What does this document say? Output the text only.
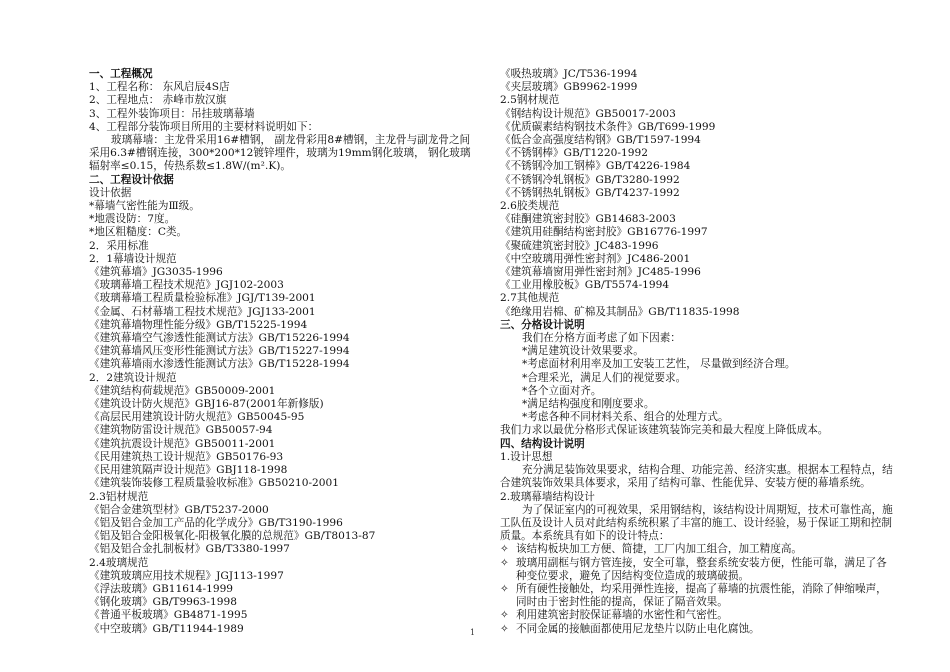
一、工程概况
1、工程名称： 东风启辰4S店
2、工程地点： 赤峰市敖汉旗
3、工程外装饰项目：吊挂玻璃幕墙
4、工程部分装饰项目所用的主要材料说明如下：
玻璃幕墙：主龙骨采用16#槽钢， 副龙骨彩用8#槽钢，主龙骨与副龙骨之间采用6.3#槽钢连接，300*200*12镀锌埋件，玻璃为19mm钢化玻璃， 钢化玻璃辐射率≤0.15，传热系数≤1.8W/(m²․K)。
二、工程设计依据
设计依据
*幕墙气密性能为Ⅲ级。
*地震设防：7度。
*地区粗糙度：C类。
2．采用标准
2．1幕墙设计规范
《建筑幕墙》JG3035-1996
《玻璃幕墙工程技术规范》JGJ102-2003
《玻璃幕墙工程质量检验标准》JGJ/T139-2001
《金属、石材幕墙工程技术规范》JGJ133-2001
《建筑幕墙物理性能分级》GB/T15225-1994
《建筑幕墙空气渗透性能测试方法》GB/T15226-1994
《建筑幕墙风压变形性能测试方法》GB/T15227-1994
《建筑幕墙雨水渗透性能测试方法》GB/T15228-1994
2．2建筑设计规范
《建筑结构荷载规范》GB50009-2001
《建筑设计防火规范》GBJ16-87(2001年新修版)
《高层民用建筑设计防火规范》GB50045-95
《建筑物防雷设计规范》GB50057-94
《建筑抗震设计规范》GB50011-2001
《民用建筑热工设计规范》GB50176-93
《民用建筑隔声设计规范》GBJ118-1998
《建筑装饰装修工程质量验收标准》GB50210-2001
2.3铝材规范
《铝合金建筑型材》GB/T5237-2000
《铝及铝合金加工产品的化学成分》GB/T3190-1996
《铝及铝合金阳极氧化-阳极氧化膜的总规范》GB/T8013-87
《铝及铝合金扎制板材》GB/T3380-1997
2.4玻璃规范
《建筑玻璃应用技术规程》JGJ113-1997
《浮法玻璃》GB11614-1999
《钢化玻璃》GB/T9963-1998
《普通平板玻璃》GB4871-1995
《中空玻璃》GB/T11944-1989
《吸热玻璃》JC/T536-1994
《夹层玻璃》GB9962-1999
2.5钢材规范
《钢结构设计规范》GB50017-2003
《优质碳素结构钢技术条件》GB/T699-1999
《低合金高强度结构钢》GB/T1597-1994
《不锈钢棒》GB/T1220-1992
《不锈钢冷加工钢棒》GB/T4226-1984
《不锈钢冷轧钢板》GB/T3280-1992
《不锈钢热轧钢板》GB/T4237-1992
2.6胶类规范
《硅酮建筑密封胶》GB14683-2003
《建筑用硅酮结构密封胶》GB16776-1997
《聚硫建筑密封胶》JC483-1996
《中空玻璃用弹性密封剂》JC486-2001
《建筑幕墙窗用弹性密封剂》JC485-1996
《工业用橡胶板》GB/T5574-1994
2.7其他规范
《绝缘用岩棉、矿棉及其制品》GB/T11835-1998
三、分格设计说明
我们在分格方面考虑了如下因素：
*满足建筑设计效果要求。
*考虑面材利用率及加工安装工艺性， 尽量做到经济合理。
*合理采光，满足人们的视觉要求。
*各个立面对齐。
*满足结构强度和刚度要求。
*考虑各种不同材料关系、组合的处理方式。
我们力求以最优分格形式保证该建筑装饰完美和最大程度上降低成本。
四、结构设计说明
1.设计思想
充分满足装饰效果要求，结构合理、功能完善、经济实惠。根据本工程特点，结合建筑装饰效果具体要求，采用了结构可靠、性能优异、安装方便的幕墙系统。
2.玻璃幕墙结构设计
为了保证室内的可视效果，采用钢结构，该结构设计周期短，技术可靠性高，施工队伍及设计人员对此结构系统积累了丰富的施工、设计经验，易于保证工期和控制质量。本系统具有如下的设计特点：
✧ 该结构板块加工方便、简捷，工厂内加工组合，加工精度高。
✧ 玻璃用副框与钢方管连接，安全可靠，整套系统安装方便，性能可靠，满足了各种变位要求，避免了因结构变位造成的玻璃破损。
✧ 所有硬性接触处，均采用弹性连接，提高了幕墙的抗震性能，消除了伸缩噪声，同时由于密封性能的提高，保证了隔音效果。
✧ 利用建筑密封胶保证幕墙的水密性和气密性。
✧ 不同金属的接触面都使用尼龙垫片以防止电化腐蚀。
1
